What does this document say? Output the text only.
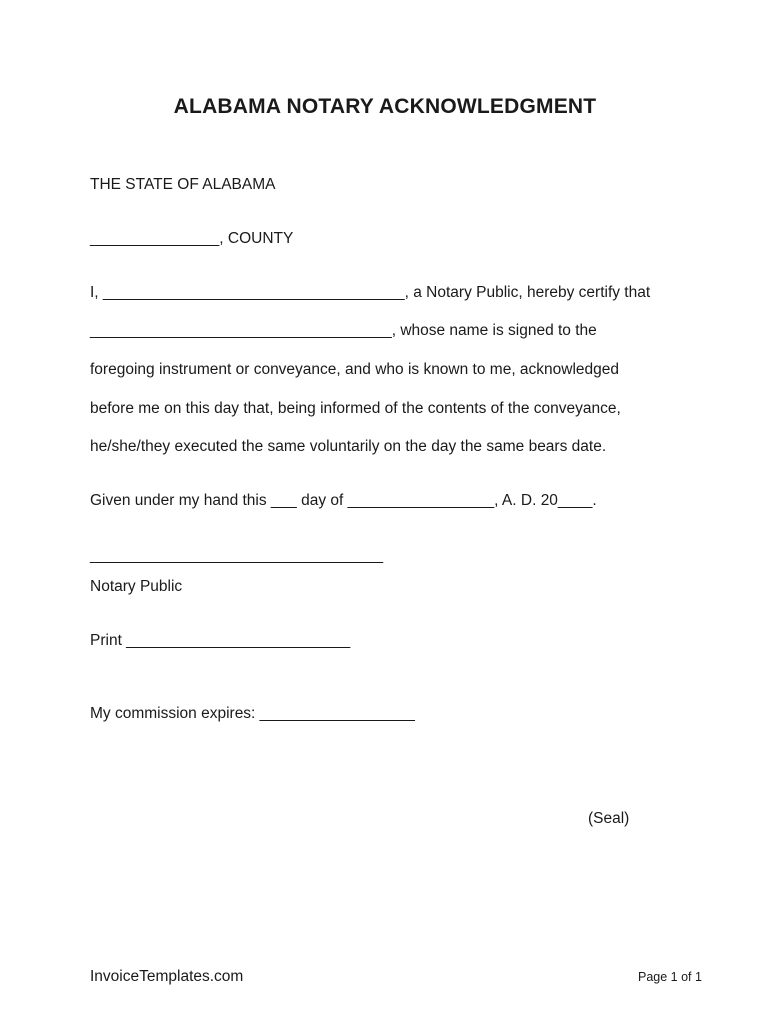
ALABAMA NOTARY ACKNOWLEDGMENT
THE STATE OF ALABAMA
_______________, COUNTY
I, ___________________________________, a Notary Public, hereby certify that
___________________________________, whose name is signed to the
foregoing instrument or conveyance, and who is known to me, acknowledged
before me on this day that, being informed of the contents of the conveyance,
he/she/they executed the same voluntarily on the day the same bears date.
Given under my hand this ___ day of _________________, A. D. 20____.
__________________________________
Notary Public
Print __________________________
My commission expires: __________________
(Seal)
InvoiceTemplates.com	Page 1 of 1
